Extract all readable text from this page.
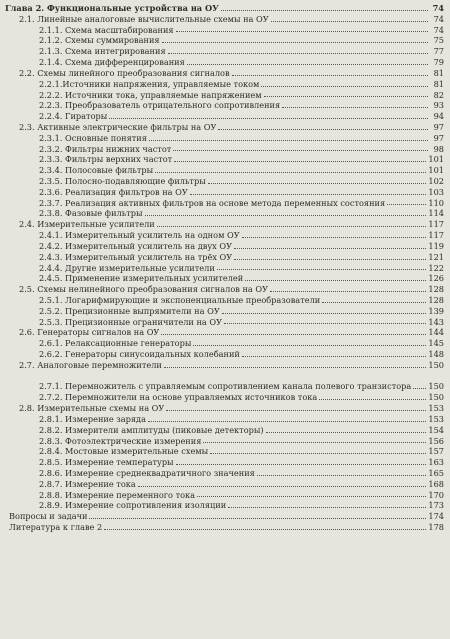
Глава 2. Функциональные устройства на ОУ	74
2.1. Линейные аналоговые вычислительные схемы на ОУ	74
2.1.1. Схема масштабирования	74
2.1.2. Схемы суммирования	75
2.1.3. Схема интегрирования	77
2.1.4. Схема дифференцирования	79
2.2. Схемы линейного преобразования сигналов	81
2.2.1.Источники напряжения, управляемые током	81
2.2.2. Источники тока, управляемые напряжением	82
2.2.3. Преобразователь отрицательного сопротивления	93
2.2.4. Гираторы	94
2.3. Активные электрические фильтры на ОУ	97
2.3.1. Основные понятия	97
2.3.2. Фильтры нижних частот	98
2.3.3. Фильтры верхних частот	101
2.3.4. Полосовые фильтры	101
2.3.5. Полосно-подавляющие фильтры	102
2.3.6. Реализация фильтров на ОУ	103
2.3.7. Реализация активных фильтров на основе метода переменных состояния	110
2.3.8. Фазовые фильтры	114
2.4. Измерительные усилители	117
2.4.1. Измерительный усилитель на одном ОУ	117
2.4.2. Измерительный усилитель на двух ОУ	119
2.4.3. Измерительный усилитель на трёх ОУ	121
2.4.4. Другие измерительные усилители	122
2.4.5. Применение измерительных усилителей	126
2.5. Схемы нелинейного преобразования сигналов на ОУ	128
2.5.1. Логарифмирующие и экспоненциальные преобразователи	128
2.5.2. Прецизионные выпрямители на ОУ	139
2.5.3. Прецизионные ограничители на ОУ	143
2.6. Генераторы сигналов на ОУ	144
2.6.1. Релаксационные генераторы	145
2.6.2. Генераторы синусоидальных колебаний	148
2.7. Аналоговые перемножители	150
2.7.1. Перемножитель с управляемым сопротивлением канала полевого транзистора 150
2.7.2. Перемножители на основе управляемых источников тока	150
2.8. Измерительные схемы на ОУ	153
2.8.1. Измерение заряда	153
2.8.2. Измерители амплитуды (пиковые детекторы)	154
2.8.3. Фотоэлектрические измерения	156
2.8.4. Мостовые измерительные схемы	157
2.8.5. Измерение температуры	163
2.8.6. Измерение среднеквадратичного значения	165
2.8.7. Измерение тока	168
2.8.8. Измерение переменного тока	170
2.8.9. Измерение сопротивления изоляции	173
Вопросы и задачи	174
Литература к главе 2	178
